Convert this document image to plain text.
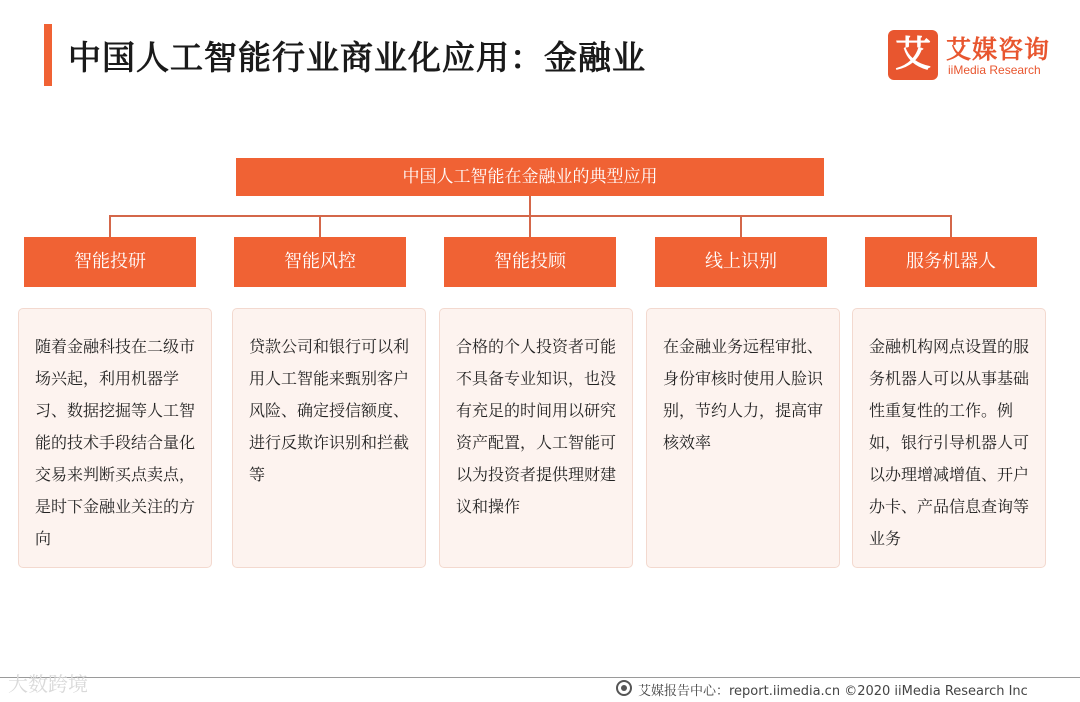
中国人工智能行业商业化应用：金融业	艾 艾媒咨询
iiMedia Research
中国人工智能在金融业的典型应用
智能投研	智能风控	智能投顾	线上识别	服务机器人
随着金融科技在二级市场兴起，利用机器学习、数据挖掘等人工智能的技术手段结合量化交易来判断买点卖点，是时下金融业关注的方向
贷款公司和银行可以利用人工智能来甄别客户风险、确定授信额度、进行反欺诈识别和拦截等
合格的个人投资者可能不具备专业知识，也没有充足的时间用以研究资产配置，人工智能可以为投资者提供理财建议和操作
在金融业务远程审批、身份审核时使用人脸识别，节约人力，提高审核效率
金融机构网点设置的服务机器人可以从事基础性重复性的工作。例如，银行引导机器人可以办理增减增值、开户办卡、产品信息查询等业务
大数跨境	艾媒报告中心：report.iimedia.cn ©2020 iiMedia Research Inc
